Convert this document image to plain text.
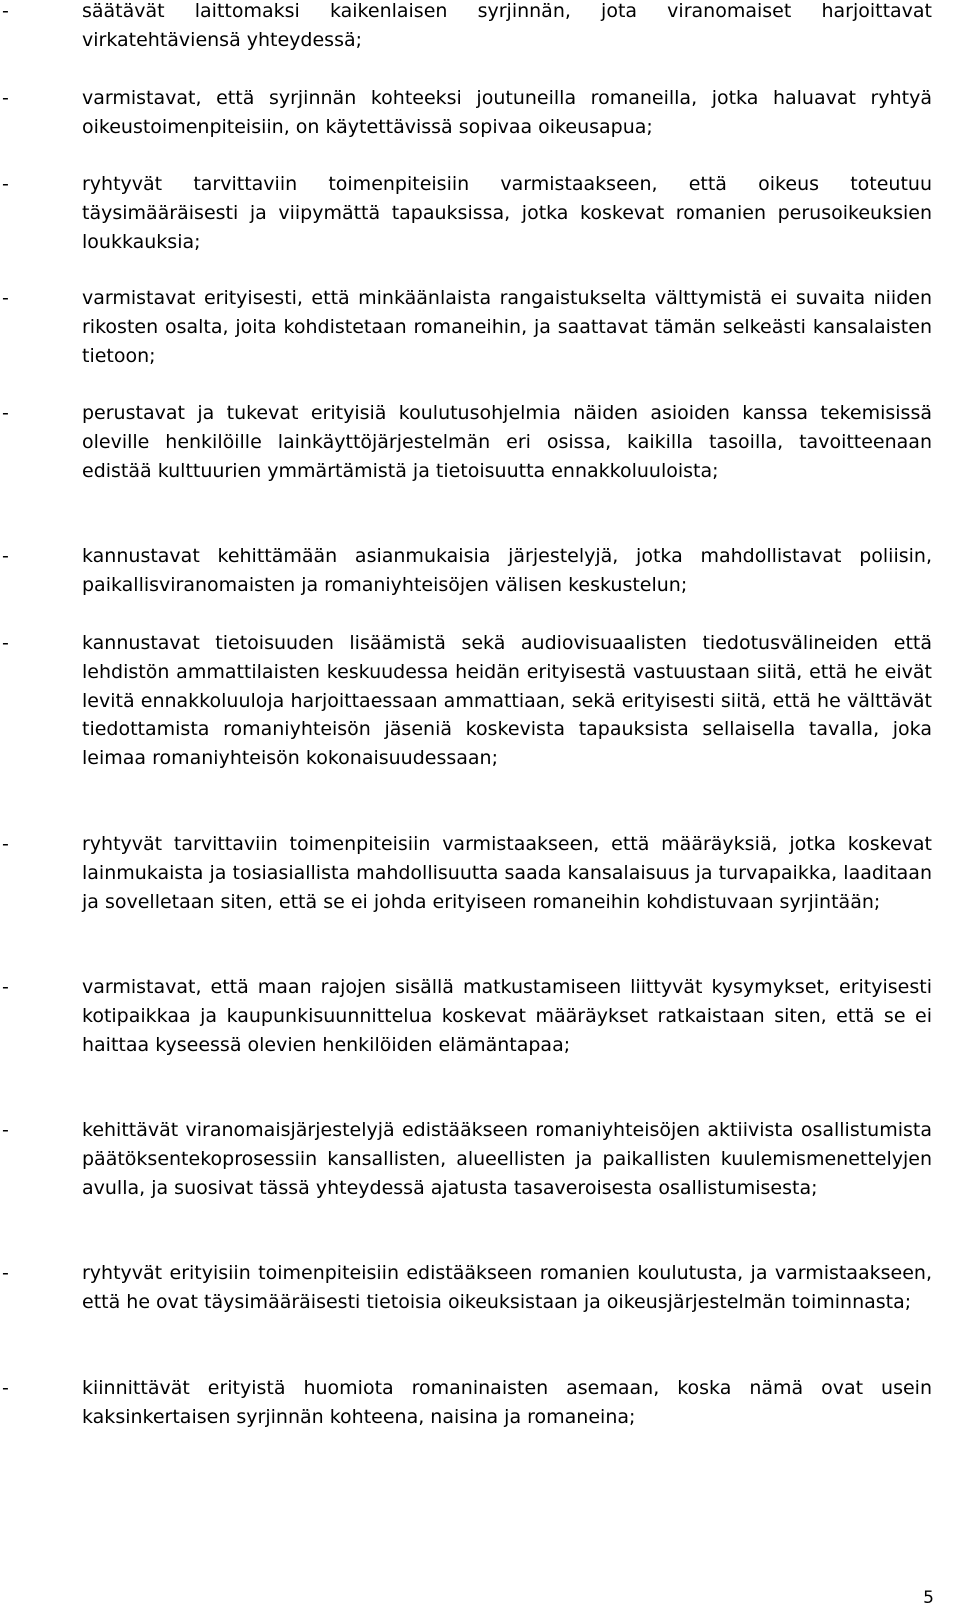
-	säätävät laittomaksi kaikenlaisen syrjinnän, jota viranomaiset harjoittavat virkatehtäviensä yhteydessä;

-	varmistavat, että syrjinnän kohteeksi joutuneilla romaneilla, jotka haluavat ryhtyä oikeustoimenpiteisiin, on käytettävissä sopivaa oikeusapua;

-	ryhtyvät tarvittaviin toimenpiteisiin varmistaakseen, että oikeus toteutuu täysimääräisesti ja viipymättä tapauksissa, jotka koskevat romanien perusoikeuksien loukkauksia;

-	varmistavat erityisesti, että minkäänlaista rangaistukselta välttymistä ei suvaita niiden rikosten osalta, joita kohdistetaan romaneihin, ja saattavat tämän selkeästi kansalaisten tietoon;

-	perustavat ja tukevat erityisiä koulutusohjelmia näiden asioiden kanssa tekemisissä oleville henkilöille lainkäyttöjärjestelmän eri osissa, kaikilla tasoilla, tavoitteenaan edistää kulttuurien ymmärtämistä ja tietoisuutta ennakkoluuloista;

-	kannustavat kehittämään asianmukaisia järjestelyjä, jotka mahdollistavat poliisin, paikallisviranomaisten ja romaniyhteisöjen välisen keskustelun;

-	kannustavat tietoisuuden lisäämistä sekä audiovisuaalisten tiedotusvälineiden että lehdistön ammattilaisten keskuudessa heidän erityisestä vastuustaan siitä, että he eivät levitä ennakkoluuloja harjoittaessaan ammattiaan, sekä erityisesti siitä, että he välttävät tiedottamista romaniyhteisön jäseniä koskevista tapauksista sellaisella tavalla, joka leimaa romaniyhteisön kokonaisuudessaan;

-	ryhtyvät tarvittaviin toimenpiteisiin varmistaakseen, että määräyksiä, jotka koskevat lainmukaista ja tosiasiallista mahdollisuutta saada kansalaisuus ja turvapaikka, laaditaan ja sovelletaan siten, että se ei johda erityiseen romaneihin kohdistuvaan syrjintään;

-	varmistavat, että maan rajojen sisällä matkustamiseen liittyvät kysymykset, erityisesti kotipaikkaa ja kaupunkisuunnittelua koskevat määräykset ratkaistaan siten, että se ei haittaa kyseessä olevien henkilöiden elämäntapaa;

-	kehittävät viranomaisjärjestelyjä edistääkseen romaniyhteisöjen aktiivista osallistumista päätöksentekoprosessiin kansallisten, alueellisten ja paikallisten kuulemismenettelyjen avulla, ja suosivat tässä yhteydessä ajatusta tasaveroisesta osallistumisesta;

-	ryhtyvät erityisiin toimenpiteisiin edistääkseen romanien koulutusta, ja varmistaakseen, että he ovat täysimääräisesti tietoisia oikeuksistaan ja oikeusjärjestelmän toiminnasta;

-	kiinnittävät erityistä huomiota romaninaisten asemaan, koska nämä ovat usein kaksinkertaisen syrjinnän kohteena, naisina ja romaneina;

5
